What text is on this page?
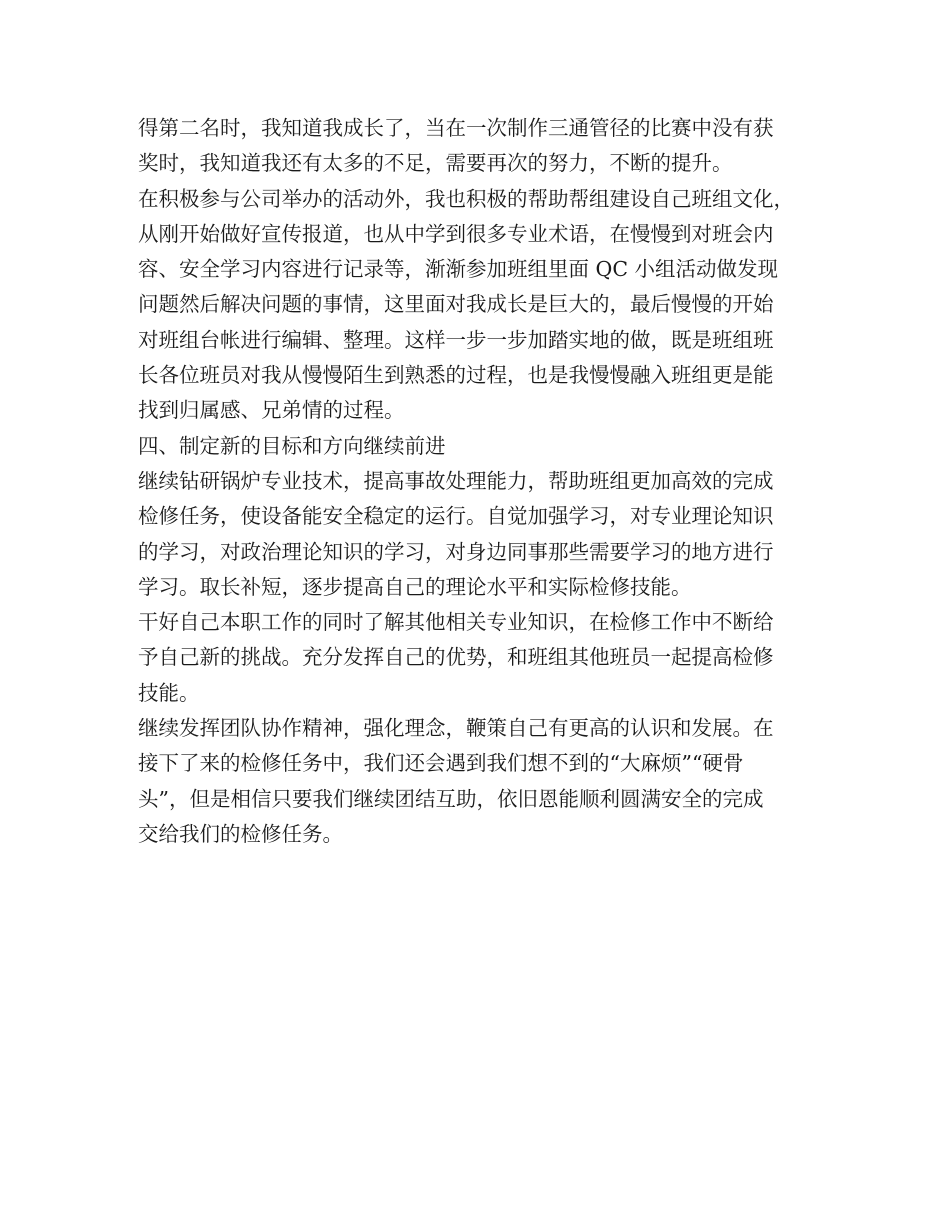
得第二名时，我知道我成长了，当在一次制作三通管径的比赛中没有获
奖时，我知道我还有太多的不足，需要再次的努力，不断的提升。
在积极参与公司举办的活动外，我也积极的帮助帮组建设自己班组文化，
从刚开始做好宣传报道，也从中学到很多专业术语，在慢慢到对班会内
容、安全学习内容进行记录等，渐渐参加班组里面 QC 小组活动做发现
问题然后解决问题的事情，这里面对我成长是巨大的，最后慢慢的开始
对班组台帐进行编辑、整理。这样一步一步加踏实地的做，既是班组班
长各位班员对我从慢慢陌生到熟悉的过程，也是我慢慢融入班组更是能
找到归属感、兄弟情的过程。
四、制定新的目标和方向继续前进
继续钻研锅炉专业技术，提高事故处理能力，帮助班组更加高效的完成
检修任务，使设备能安全稳定的运行。自觉加强学习，对专业理论知识
的学习，对政治理论知识的学习，对身边同事那些需要学习的地方进行
学习。取长补短，逐步提高自己的理论水平和实际检修技能。
干好自己本职工作的同时了解其他相关专业知识，在检修工作中不断给
予自己新的挑战。充分发挥自己的优势，和班组其他班员一起提高检修
技能。
继续发挥团队协作精神，强化理念，鞭策自己有更高的认识和发展。在
接下了来的检修任务中，我们还会遇到我们想不到的“大麻烦”“硬骨
头”，但是相信只要我们继续团结互助，依旧恩能顺利圆满安全的完成
交给我们的检修任务。
